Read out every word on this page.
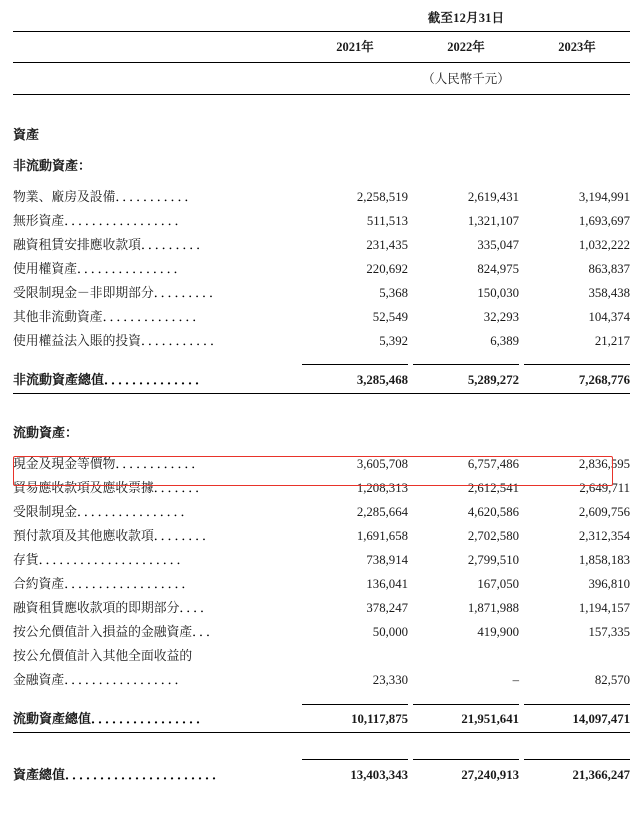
	截至12月31日				

	2021年		2022年		2023年

	（人民幣千元）				

資產					

非流動資產：					

物業、廠房及設備．．．．．．．．．．．	2,258,519		2,619,431		3,194,991
無形資產．．．．．．．．．．．．．．．．．	511,513		1,321,107		1,693,697
融資租賃安排應收款項．．．．．．．．．	231,435		335,047		1,032,222
使用權資產．．．．．．．．．．．．．．．	220,692		824,975		863,837
受限制現金－非即期部分．．．．．．．．．	5,368		150,030		358,438
其他非流動資產．．．．．．．．．．．．．．	52,549		32,293		104,374
使用權益法入賬的投資．．．．．．．．．．．	5,392		6,389		21,217

非流動資產總值．．．．．．．．．．．．．．	3,285,468		5,289,272		7,268,776

流動資產：					

現金及現金等價物．．．．．．．．．．．．	3,605,708		6,757,486		2,836,595
貿易應收款項及應收票據．．．．．．．	1,208,313		2,612,541		2,649,711
受限制現金．．．．．．．．．．．．．．．．	2,285,664		4,620,586		2,609,756
預付款項及其他應收款項．．．．．．．．	1,691,658		2,702,580		2,312,354
存貨．．．．．．．．．．．．．．．．．．．．．	738,914		2,799,510		1,858,183
合約資產．．．．．．．．．．．．．．．．．．	136,041		167,050		396,810
融資租賃應收款項的即期部分．．．．	378,247		1,871,988		1,194,157
按公允價值計入損益的金融資產．．．	50,000		419,900		157,335
按公允價值計入其他全面收益的					
金融資產．．．．．．．．．．．．．．．．．	23,330		–		82,570

流動資產總值．．．．．．．．．．．．．．．．	10,117,875		21,951,641		14,097,471

資產總值．．．．．．．．．．．．．．．．．．．．．．	13,403,343		27,240,913		21,366,247
